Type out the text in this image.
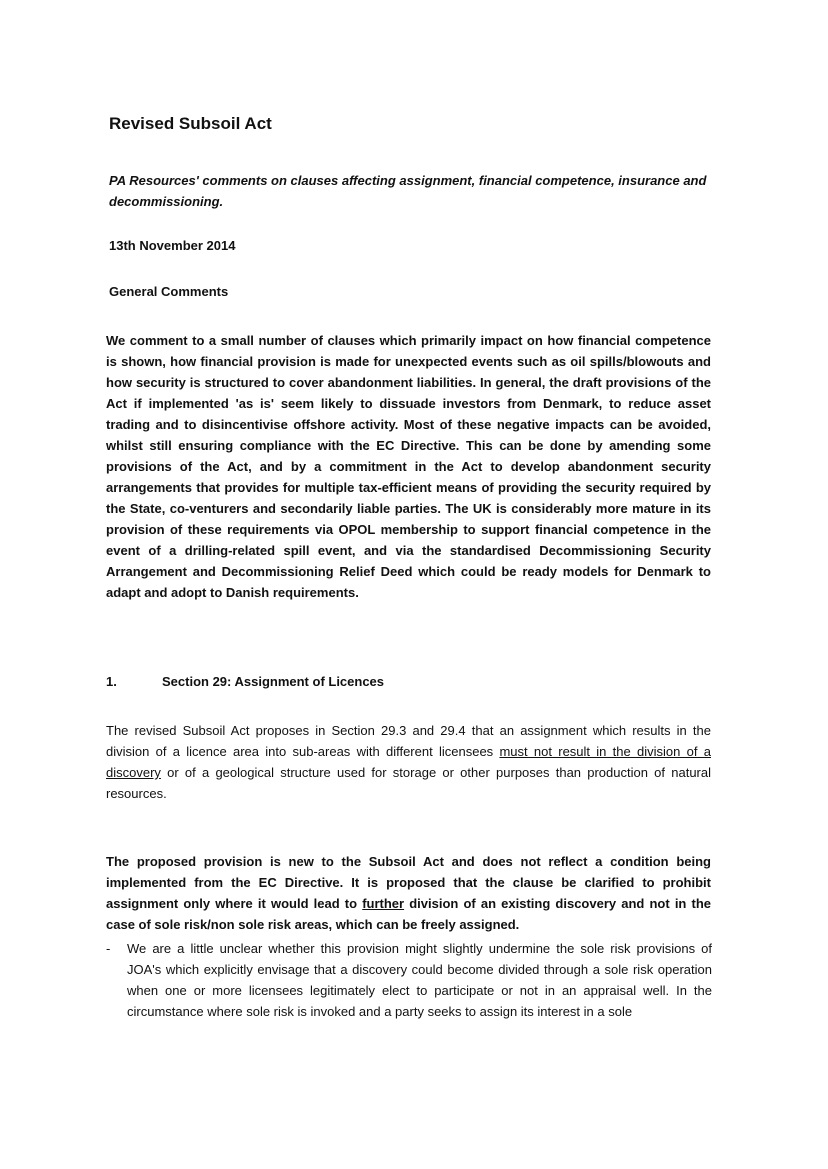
Revised Subsoil Act

PA Resources' comments on clauses affecting assignment, financial competence, insurance and decommissioning.

13th November 2014

General Comments

We comment to a small number of clauses which primarily impact on how financial competence is shown, how financial provision is made for unexpected events such as oil spills/blowouts and how security is structured to cover abandonment liabilities. In general, the draft provisions of the Act if implemented 'as is' seem likely to dissuade investors from Denmark, to reduce asset trading and to disincentivise offshore activity. Most of these negative impacts can be avoided, whilst still ensuring compliance with the EC Directive. This can be done by amending some provisions of the Act, and by a commitment in the Act to develop abandonment security arrangements that provides for multiple tax-efficient means of providing the security required by the State, co-venturers and secondarily liable parties. The UK is considerably more mature in its provision of these requirements via OPOL membership to support financial competence in the event of a drilling-related spill event, and via the standardised Decommissioning Security Arrangement and Decommissioning Relief Deed which could be ready models for Denmark to adapt and adopt to Danish requirements.

1.	Section 29: Assignment of Licences

The revised Subsoil Act proposes in Section 29.3 and 29.4 that an assignment which results in the division of a licence area into sub-areas with different licensees must not result in the division of a discovery or of a geological structure used for storage or other purposes than production of natural resources.

The proposed provision is new to the Subsoil Act and does not reflect a condition being implemented from the EC Directive. It is proposed that the clause be clarified to prohibit assignment only where it would lead to further division of an existing discovery and not in the case of sole risk/non sole risk areas, which can be freely assigned.

- We are a little unclear whether this provision might slightly undermine the sole risk provisions of JOA's which explicitly envisage that a discovery could become divided through a sole risk operation when one or more licensees legitimately elect to participate or not in an appraisal well. In the circumstance where sole risk is invoked and a party seeks to assign its interest in a sole
